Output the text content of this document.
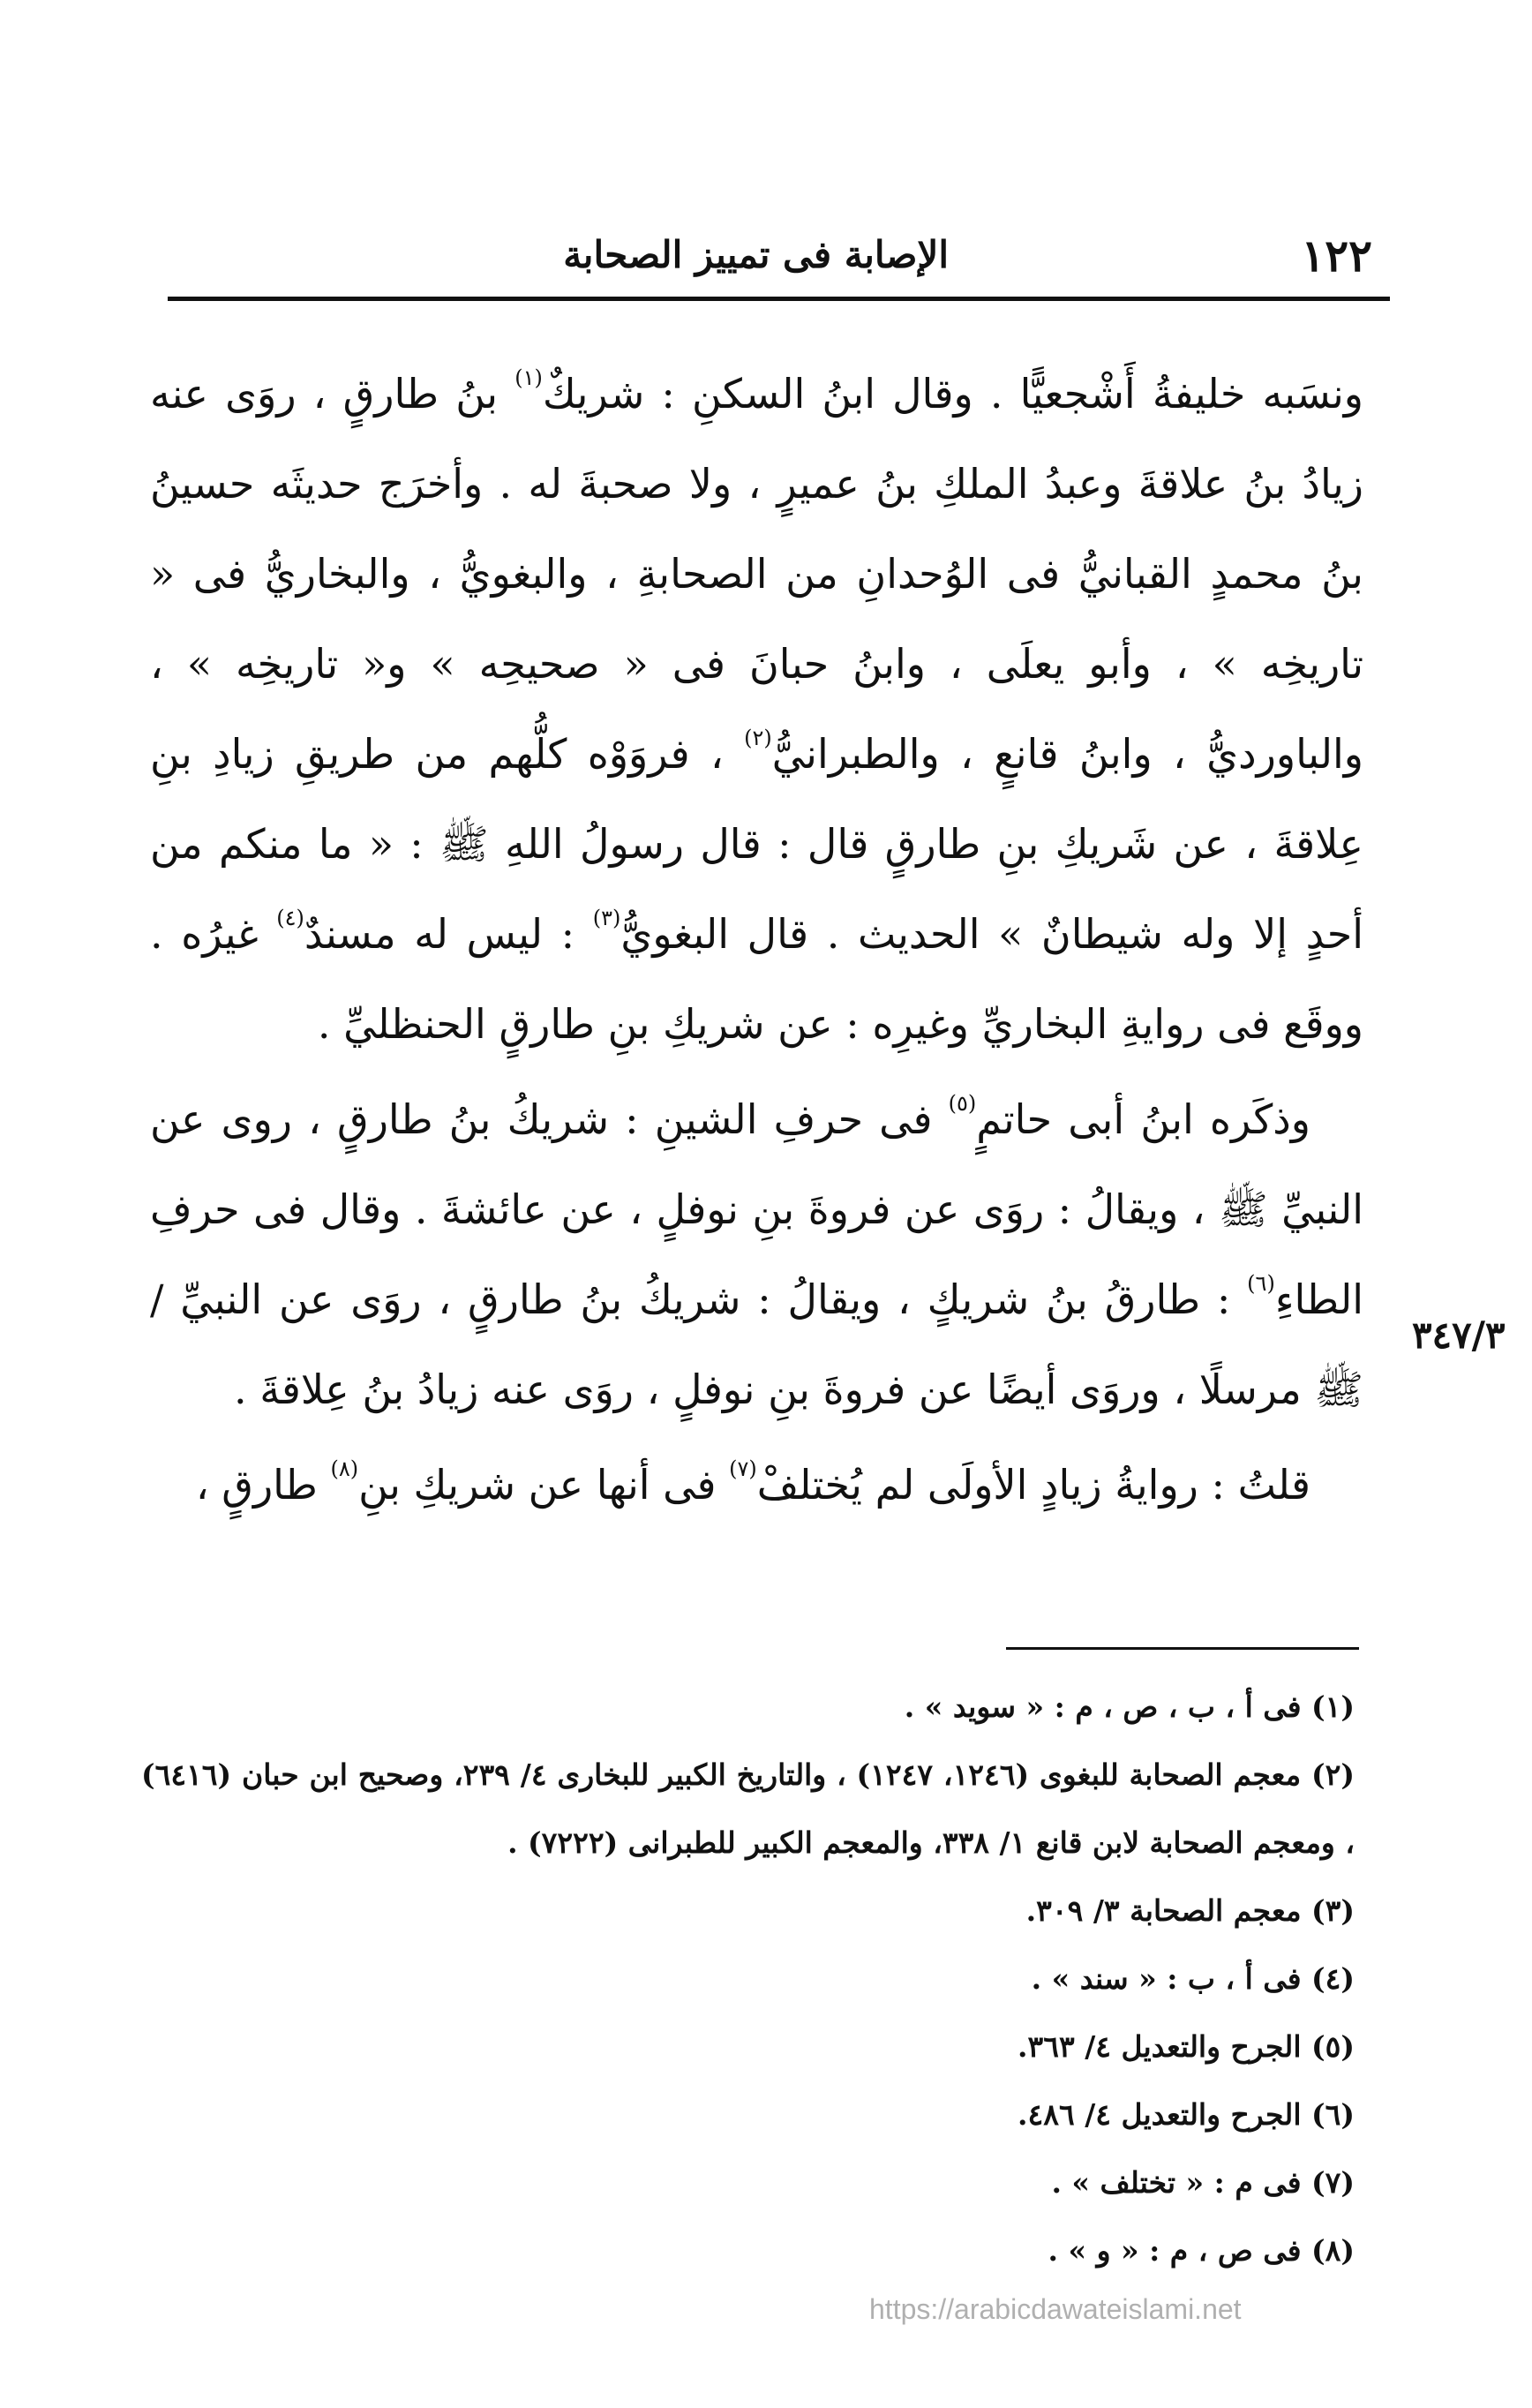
١٢٢
الإصابة فى تمييز الصحابة
٣٤٧/٣

ونسَبه خليفةُ أَشْجعيًّا . وقال ابنُ السكنِ : شريكٌ$^{(١)}$ بنُ طارقٍ ، روَى عنه زيادُ بنُ علاقةَ وعبدُ الملكِ بنُ عميرٍ ، ولا صحبةَ له . وأخرَج حديثَه حسينُ بنُ محمدٍ القبانيُّ فى الوُحدانِ من الصحابةِ ، والبغويُّ ، والبخاريُّ فى « تاريخِه » ، وأبو يعلَى ، وابنُ حبانَ فى « صحيحِه » و« تاريخِه » ، والباورديُّ ، وابنُ قانعٍ ، والطبرانيُّ$^{(٢)}$ ، فروَوْه كلُّهم من طريقِ زيادِ بنِ عِلاقةَ ، عن شَريكِ بنِ طارقٍ قال : قال رسولُ اللهِ ﷺ : « ما منكم من أحدٍ إلا وله شيطانٌ » الحديث . قال البغويُّ$^{(٣)}$ : ليس له مسندٌ$^{(٤)}$ غيرُه . ووقَع فى روايةِ البخاريِّ وغيرِه : عن شريكِ بنِ طارقٍ الحنظليِّ .

وذكَره ابنُ أبى حاتمٍ$^{(٥)}$ فى حرفِ الشينِ : شريكُ بنُ طارقٍ ، روى عن النبيِّ ﷺ ، ويقالُ : روَى عن فروةَ بنِ نوفلٍ ، عن عائشةَ . وقال فى حرفِ الطاءِ$^{(٦)}$ : طارقُ بنُ شريكٍ ، ويقالُ : شريكُ بنُ طارقٍ ، روَى عن النبيِّ / ﷺ مرسلًا ، وروَى أيضًا عن فروةَ بنِ نوفلٍ ، روَى عنه زيادُ بنُ عِلاقةَ .

قلتُ : روايةُ زيادٍ الأولَى لم يُختلفْ$^{(٧)}$ فى أنها عن شريكِ بنِ$^{(٨)}$ طارقٍ ،

(١) فى أ ، ب ، ص ، م : « سويد » .

(٢) معجم الصحابة للبغوى (١٢٤٦، ١٢٤٧) ، والتاريخ الكبير للبخارى ٤/ ٢٣٩، وصحيح ابن حبان (٦٤١٦) ، ومعجم الصحابة لابن قانع ١/ ٣٣٨، والمعجم الكبير للطبرانى (٧٢٢٢) .

(٣) معجم الصحابة ٣/ ٣٠٩.

(٤) فى أ ، ب : « سند » .

(٥) الجرح والتعديل ٤/ ٣٦٣.

(٦) الجرح والتعديل ٤/ ٤٨٦.

(٧) فى م : « تختلف » .

(٨) فى ص ، م : « و » .

https://arabicdawateislami.net
